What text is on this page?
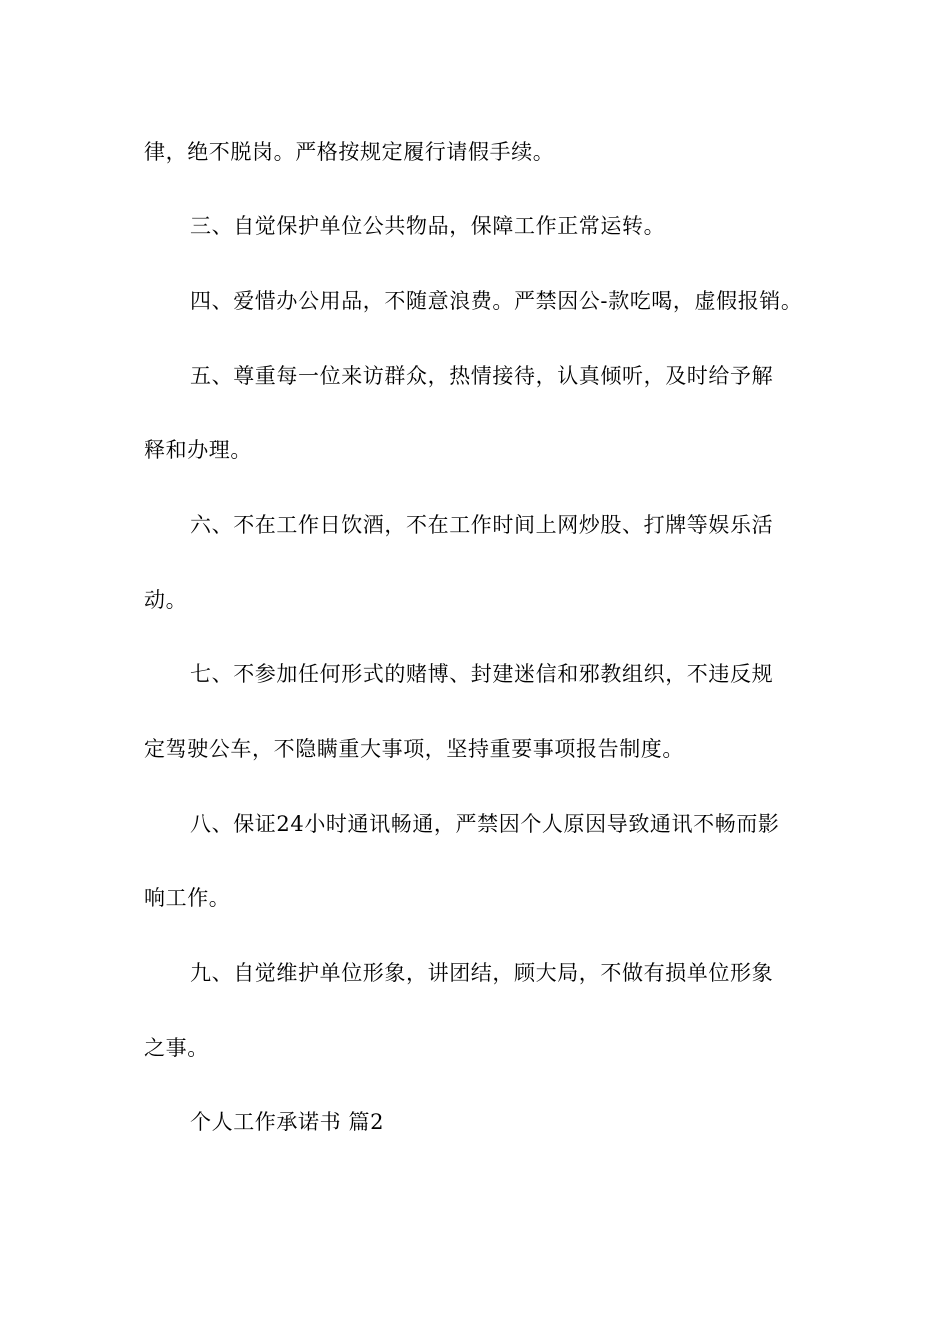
律，绝不脱岗。严格按规定履行请假手续。
三、自觉保护单位公共物品，保障工作正常运转。
四、爱惜办公用品，不随意浪费。严禁因公-款吃喝，虚假报销。
五、尊重每一位来访群众，热情接待，认真倾听，及时给予解
释和办理。
六、不在工作日饮酒，不在工作时间上网炒股、打牌等娱乐活
动。
七、不参加任何形式的赌博、封建迷信和邪教组织，不违反规
定驾驶公车，不隐瞒重大事项，坚持重要事项报告制度。
八、保证24小时通讯畅通，严禁因个人原因导致通讯不畅而影
响工作。
九、自觉维护单位形象，讲团结，顾大局，不做有损单位形象
之事。
个人工作承诺书 篇2
